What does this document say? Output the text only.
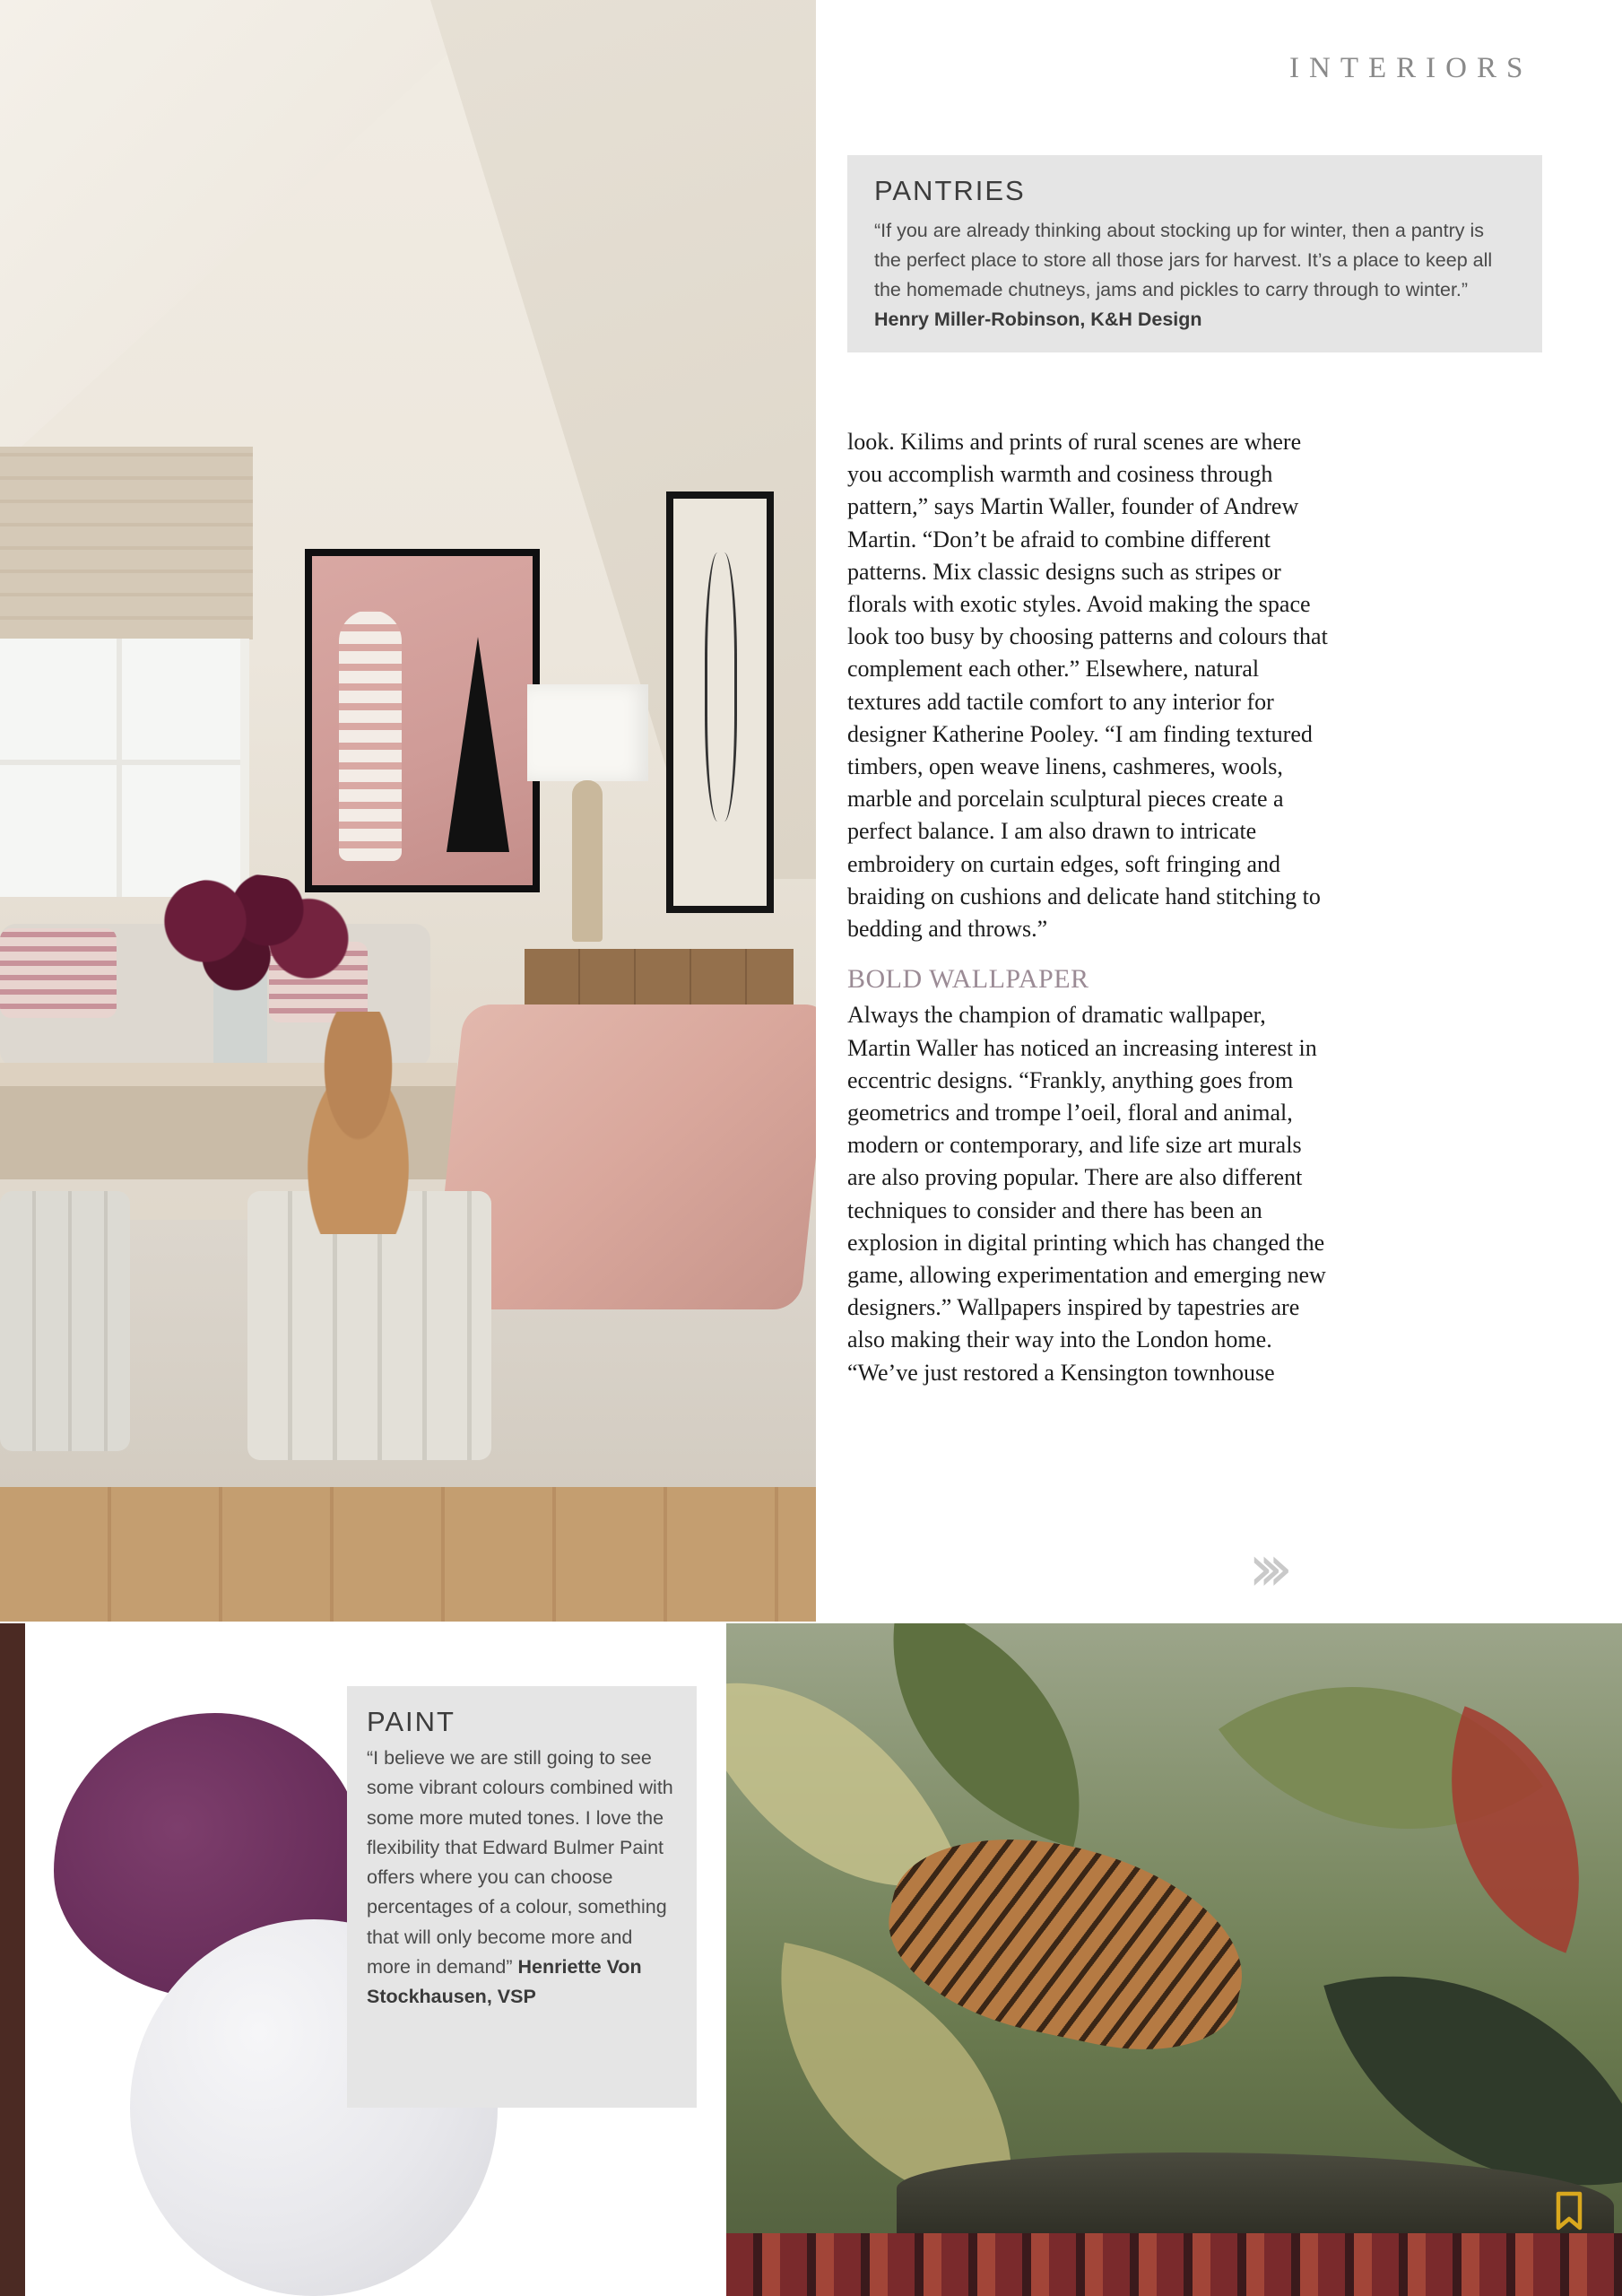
INTERIORS
PANTRIES

“If you are already thinking about stocking up for winter, then a pantry is the perfect place to store all those jars for harvest. It’s a place to keep all the homemade chutneys, jams and pickles to carry through to winter.” Henry Miller-Robinson, K&H Design

look. Kilims and prints of rural scenes are where you accomplish warmth and cosiness through pattern,” says Martin Waller, founder of Andrew Martin. “Don’t be afraid to combine different patterns. Mix classic designs such as stripes or florals with exotic styles. Avoid making the space look too busy by choosing patterns and colours that complement each other.” Elsewhere, natural textures add tactile comfort to any interior for designer Katherine Pooley. “I am finding textured timbers, open weave linens, cashmeres, wools, marble and porcelain sculptural pieces create a perfect balance. I am also drawn to intricate embroidery on curtain edges, soft fringing and braiding on cushions and delicate hand stitching to bedding and throws.”

BOLD WALLPAPER

Always the champion of dramatic wallpaper, Martin Waller has noticed an increasing interest in eccentric designs. “Frankly, anything goes from geometrics and trompe l’oeil, floral and animal, modern or contemporary, and life size art murals are also proving popular. There are also different techniques to consider and there has been an explosion in digital printing which has changed the game, allowing experimentation and emerging new designers.” Wallpapers inspired by tapestries are also making their way into the London home. “We’ve just restored a Kensington townhouse

›››
PAINT

“I believe we are still going to see some vibrant colours combined with some more muted tones. I love the flexibility that Edward Bulmer Paint offers where you can choose percentages of a colour, something that will only become more and more in demand” Henriette Von Stockhausen, VSP
